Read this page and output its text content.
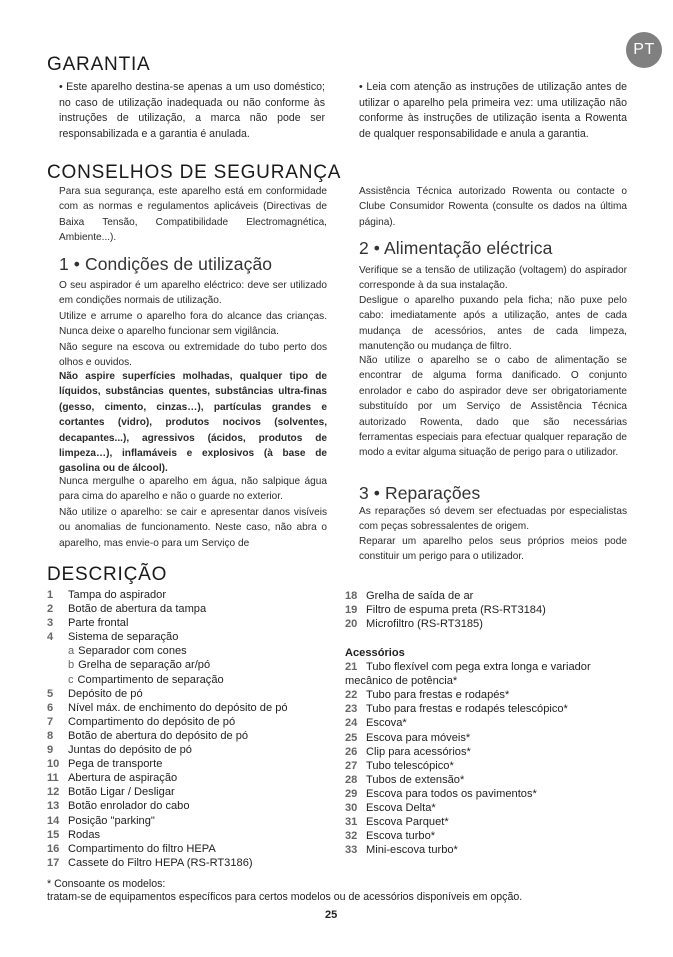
PT
GARANTIA

• Este aparelho destina-se apenas a um uso doméstico; no caso de utilização inadequada ou não conforme às instruções de utilização, a marca não pode ser responsabilizada e a garantia é anulada.

• Leia com atenção as instruções de utilização antes de utilizar o aparelho pela primeira vez: uma utilização não conforme às instruções de utilização isenta a Rowenta de qualquer responsabilidade e anula a garantia.

CONSELHOS DE SEGURANÇA

Para sua segurança, este aparelho está em conformidade com as normas e regulamentos aplicáveis (Directivas de Baixa Tensão, Compatibilidade Electromagnética, Ambiente...).

1 • Condições de utilização

O seu aspirador é um aparelho eléctrico: deve ser utilizado em condições normais de utilização.

Utilize e arrume o aparelho fora do alcance das crianças. Nunca deixe o aparelho funcionar sem vigilância.

Não segure na escova ou extremidade do tubo perto dos olhos e ouvidos.

Não aspire superfícies molhadas, qualquer tipo de líquidos, substâncias quentes, substâncias ultra-finas (gesso, cimento, cinzas…), partículas grandes e cortantes (vidro), produtos nocivos (solventes, decapantes...), agressivos (ácidos, produtos de limpeza…), inflamáveis e explosivos (à base de gasolina ou de álcool).

Nunca mergulhe o aparelho em água, não salpique água para cima do aparelho e não o guarde no exterior.

Não utilize o aparelho: se cair e apresentar danos visíveis ou anomalias de funcionamento. Neste caso, não abra o aparelho, mas envie-o para um Serviço de

Assistência Técnica autorizado Rowenta ou contacte o Clube Consumidor Rowenta (consulte os dados na última página).

2 • Alimentação eléctrica

Verifique se a tensão de utilização (voltagem) do aspirador corresponde à da sua instalação.

Desligue o aparelho puxando pela ficha; não puxe pelo cabo: imediatamente após a utilização, antes de cada mudança de acessórios, antes de cada limpeza, manutenção ou mudança de filtro.

Não utilize o aparelho se o cabo de alimentação se encontrar de alguma forma danificado. O conjunto enrolador e cabo do aspirador deve ser obrigatoriamente substituído por um Serviço de Assistência Técnica autorizado Rowenta, dado que são necessárias ferramentas especiais para efectuar qualquer reparação de modo a evitar alguma situação de perigo para o utilizador.

3 • Reparações

As reparações só devem ser efectuadas por especialistas com peças sobressalentes de origem.

Reparar um aparelho pelos seus próprios meios pode constituir um perigo para o utilizador.

DESCRIÇÃO
1 Tampa do aspirador
2 Botão de abertura da tampa
3 Parte frontal
4 Sistema de separação
a Separador com cones
b Grelha de separação ar/pó
c Compartimento de separação
5 Depósito de pó
6 Nível máx. de enchimento do depósito de pó
7 Compartimento do depósito de pó
8 Botão de abertura do depósito de pó
9 Juntas do depósito de pó
10 Pega de transporte
11 Abertura de aspiração
12 Botão Ligar / Desligar
13 Botão enrolador do cabo
14 Posição "parking"
15 Rodas
16 Compartimento do filtro HEPA
17 Cassete do Filtro HEPA (RS-RT3186)
18 Grelha de saída de ar
19 Filtro de espuma preta (RS-RT3184)
20 Microfiltro (RS-RT3185)
Acessórios
21 Tubo flexível com pega extra longa e variador
mecânico de potência*
22 Tubo para frestas e rodapés*
23 Tubo para frestas e rodapés telescópico*
24 Escova*
25 Escova para móveis*
26 Clip para acessórios*
27 Tubo telescópico*
28 Tubos de extensão*
29 Escova para todos os pavimentos*
30 Escova Delta*
31 Escova Parquet*
32 Escova turbo*
33 Mini-escova turbo*
* Consoante os modelos:
tratam-se de equipamentos específicos para certos modelos ou de acessórios disponíveis em opção.
25
